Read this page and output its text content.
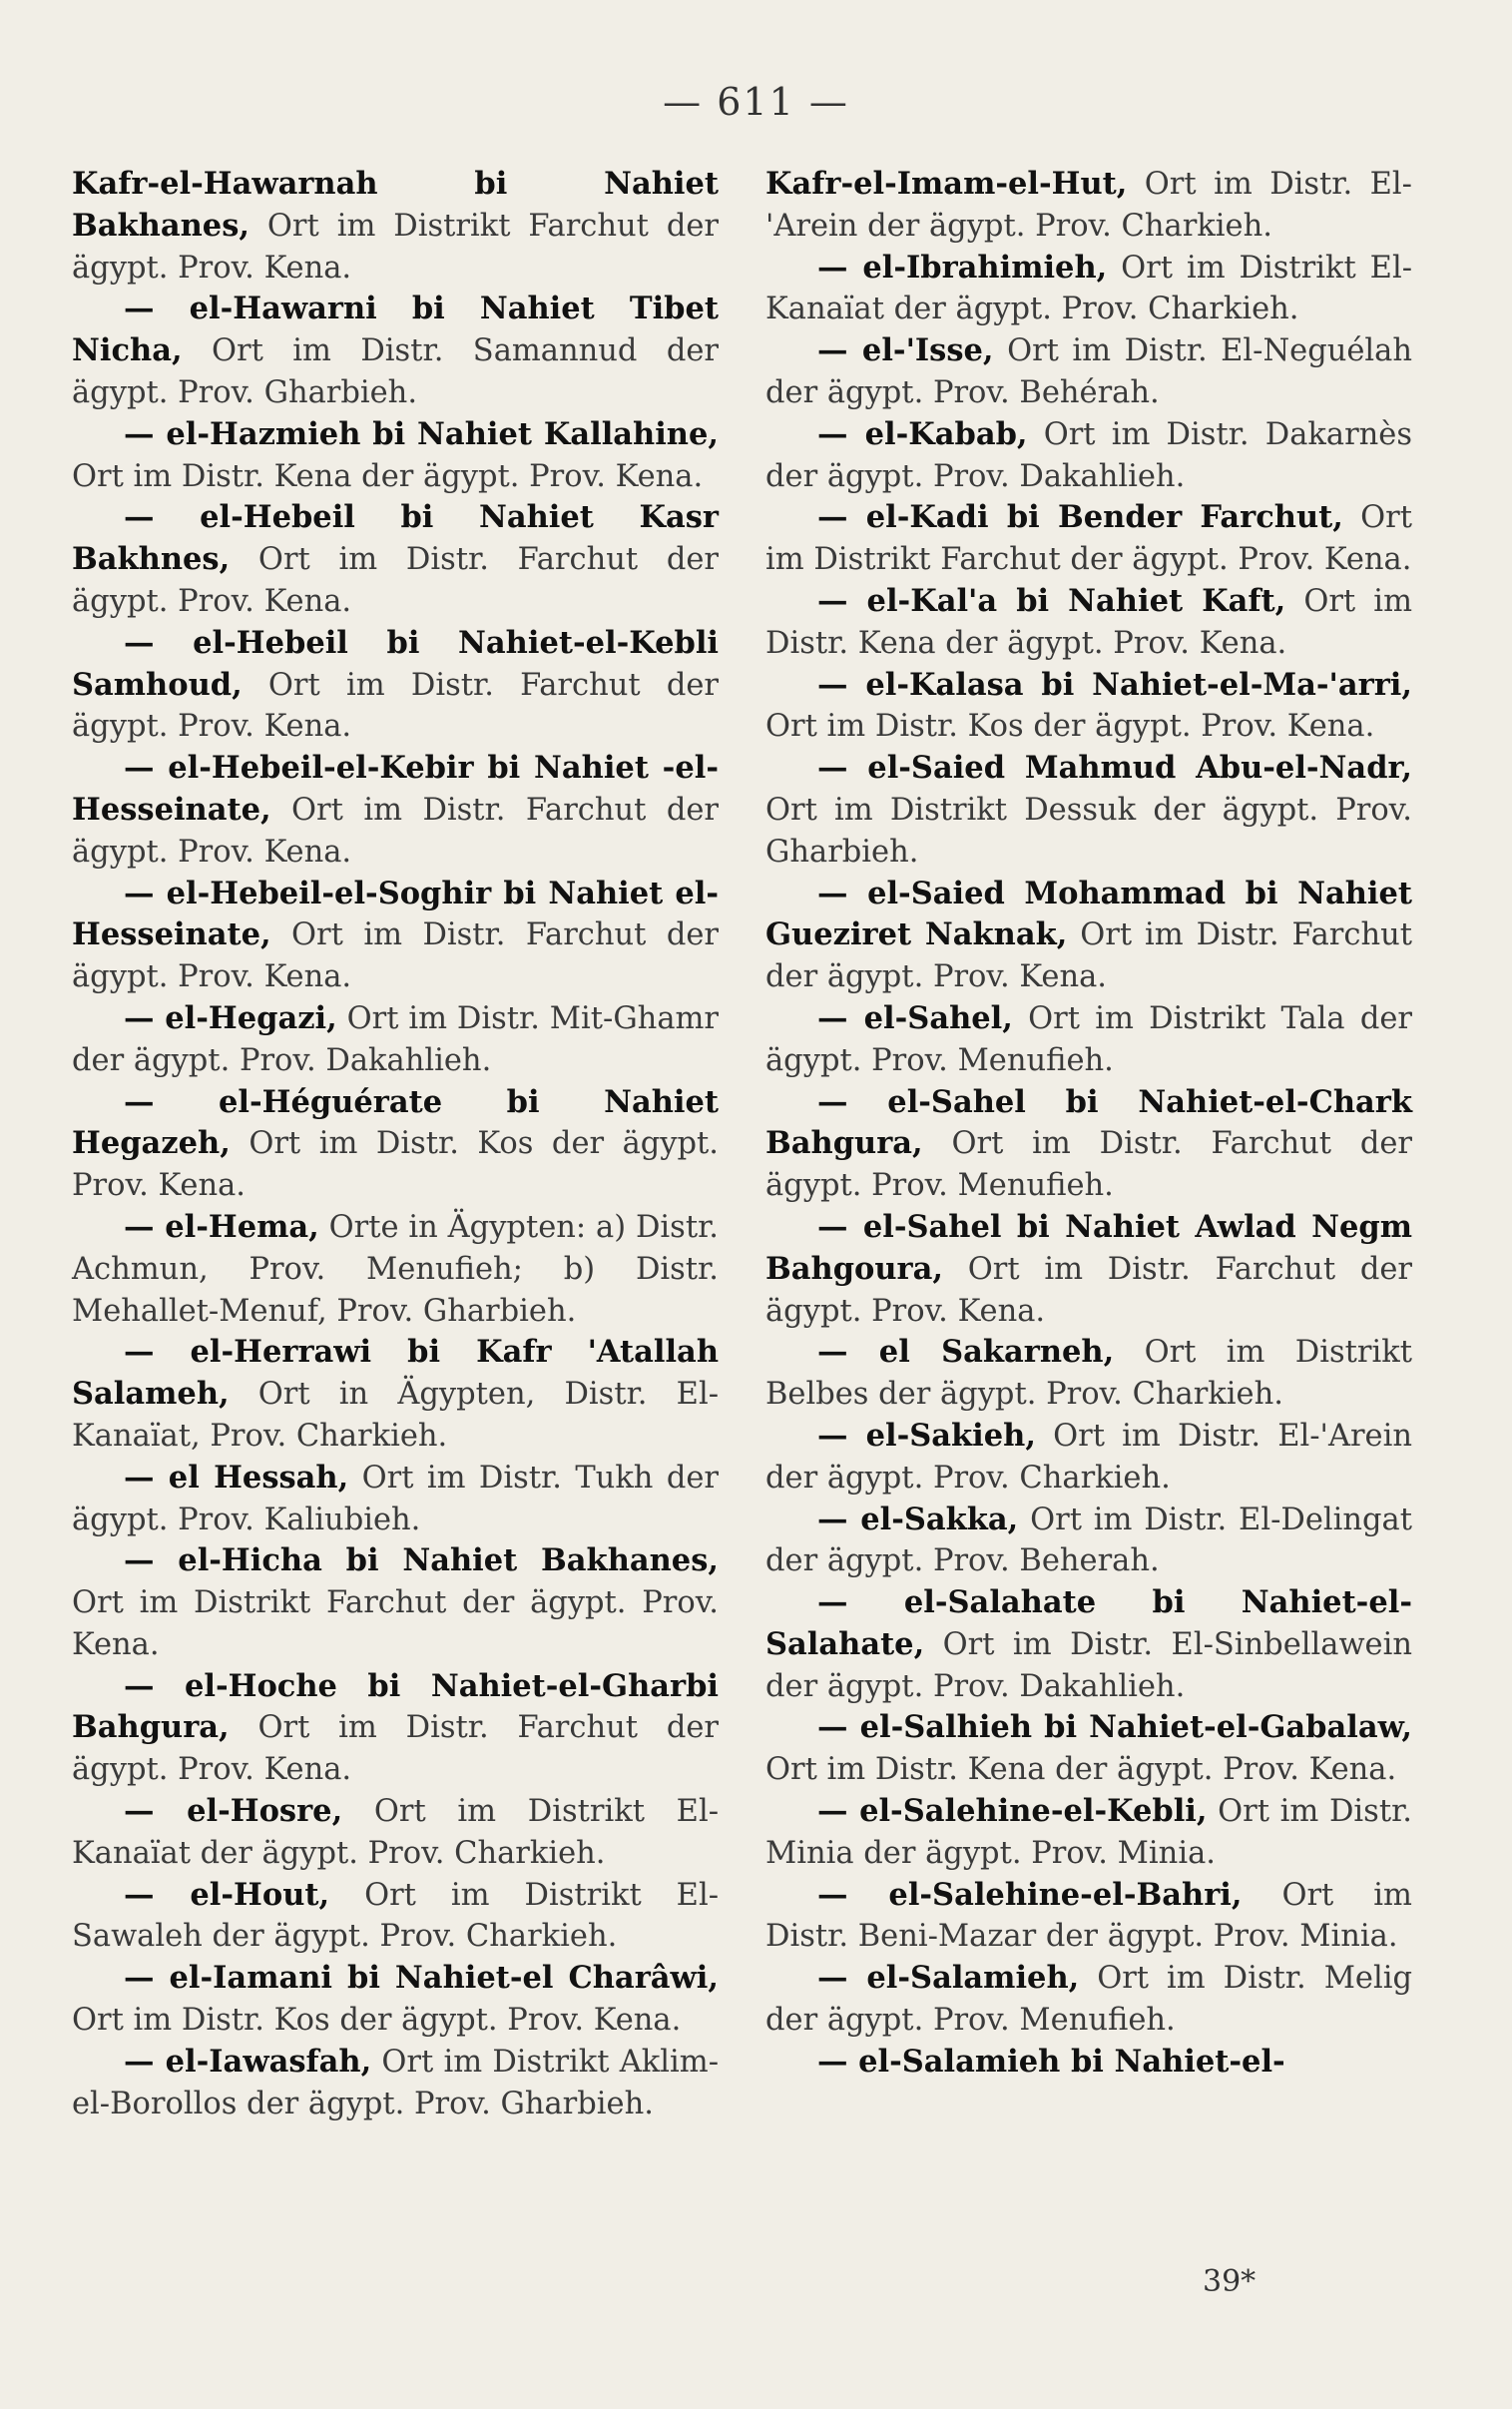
— 611 —

Kafr-el-Hawarnah bi Nahiet Bakhanes, Ort im Distrikt Farchut der ägypt. Prov. Kena.

— el-Hawarni bi Nahiet Tibet Nicha, Ort im Distr. Samannud der ägypt. Prov. Gharbieh.

— el-Hazmieh bi Nahiet Kallahine, Ort im Distr. Kena der ägypt. Prov. Kena.

— el-Hebeil bi Nahiet Kasr Bakhnes, Ort im Distr. Farchut der ägypt. Prov. Kena.

— el-Hebeil bi Nahiet-el-Kebli Samhoud, Ort im Distr. Farchut der ägypt. Prov. Kena.

— el-Hebeil-el-Kebir bi Nahiet -el-Hesseinate, Ort im Distr. Farchut der ägypt. Prov. Kena.

— el-Hebeil-el-Soghir bi Nahiet el-Hesseinate, Ort im Distr. Farchut der ägypt. Prov. Kena.

— el-Hegazi, Ort im Distr. Mit-Ghamr der ägypt. Prov. Dakahlieh.

— el-Héguérate bi Nahiet Hegazeh, Ort im Distr. Kos der ägypt. Prov. Kena.

— el-Hema, Orte in Ägypten: a) Distr. Achmun, Prov. Menufieh; b) Distr. Mehallet-Menuf, Prov. Gharbieh.

— el-Herrawi bi Kafr 'Atallah Salameh, Ort in Ägypten, Distr. El-Kanaïat, Prov. Charkieh.

— el Hessah, Ort im Distr. Tukh der ägypt. Prov. Kaliubieh.

— el-Hicha bi Nahiet Bakhanes, Ort im Distrikt Farchut der ägypt. Prov. Kena.

— el-Hoche bi Nahiet-el-Gharbi Bahgura, Ort im Distr. Farchut der ägypt. Prov. Kena.

— el-Hosre, Ort im Distrikt El-Kanaïat der ägypt. Prov. Charkieh.

— el-Hout, Ort im Distrikt El-Sawaleh der ägypt. Prov. Charkieh.

— el-Iamani bi Nahiet-el Charâwi, Ort im Distr. Kos der ägypt. Prov. Kena.

— el-Iawasfah, Ort im Distrikt Aklim-el-Borollos der ägypt. Prov. Gharbieh.

Kafr-el-Imam-el-Hut, Ort im Distr. El-'Arein der ägypt. Prov. Charkieh.

— el-Ibrahimieh, Ort im Distrikt El-Kanaïat der ägypt. Prov. Charkieh.

— el-'Isse, Ort im Distr. El-Neguélah der ägypt. Prov. Behérah.

— el-Kabab, Ort im Distr. Dakarnès der ägypt. Prov. Dakahlieh.

— el-Kadi bi Bender Farchut, Ort im Distrikt Farchut der ägypt. Prov. Kena.

— el-Kal'a bi Nahiet Kaft, Ort im Distr. Kena der ägypt. Prov. Kena.

— el-Kalasa bi Nahiet-el-Ma-'arri, Ort im Distr. Kos der ägypt. Prov. Kena.

— el-Saied Mahmud Abu-el-Nadr, Ort im Distrikt Dessuk der ägypt. Prov. Gharbieh.

— el-Saied Mohammad bi Nahiet Gueziret Naknak, Ort im Distr. Farchut der ägypt. Prov. Kena.

— el-Sahel, Ort im Distrikt Tala der ägypt. Prov. Menufieh.

— el-Sahel bi Nahiet-el-Chark Bahgura, Ort im Distr. Farchut der ägypt. Prov. Menufieh.

— el-Sahel bi Nahiet Awlad Negm Bahgoura, Ort im Distr. Farchut der ägypt. Prov. Kena.

— el Sakarneh, Ort im Distrikt Belbes der ägypt. Prov. Charkieh.

— el-Sakieh, Ort im Distr. El-'Arein der ägypt. Prov. Charkieh.

— el-Sakka, Ort im Distr. El-Delingat der ägypt. Prov. Beherah.

— el-Salahate bi Nahiet-el-Salahate, Ort im Distr. El-Sinbellawein der ägypt. Prov. Dakahlieh.

— el-Salhieh bi Nahiet-el-Gabalaw, Ort im Distr. Kena der ägypt. Prov. Kena.

— el-Salehine-el-Kebli, Ort im Distr. Minia der ägypt. Prov. Minia.

— el-Salehine-el-Bahri, Ort im Distr. Beni-Mazar der ägypt. Prov. Minia.

— el-Salamieh, Ort im Distr. Melig der ägypt. Prov. Menufieh.

— el-Salamieh bi Nahiet-el-

39*
